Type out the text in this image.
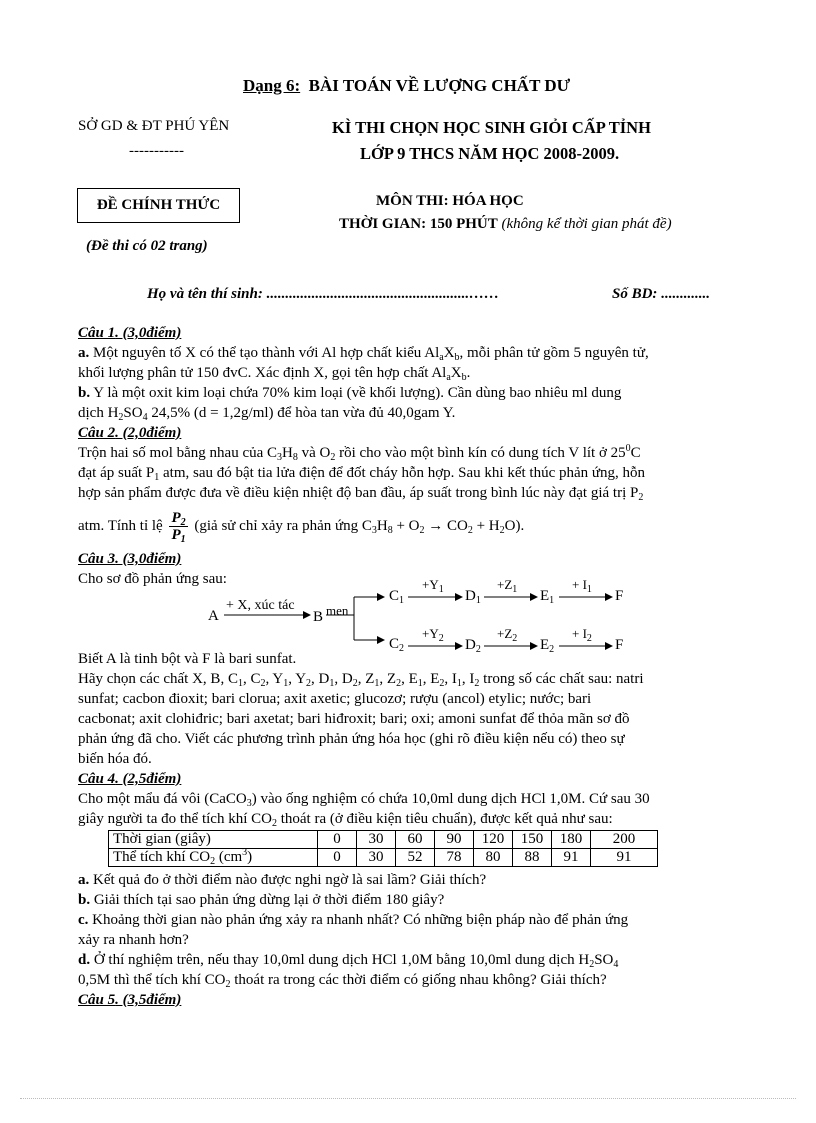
Dạng 6: BÀI TOÁN VỀ LƯỢNG CHẤT DƯ
SỞ GD & ĐT PHÚ YÊN
-----------
KÌ THI CHỌN HỌC SINH GIỎI CẤP TỈNH
LỚP 9 THCS NĂM HỌC 2008-2009.
ĐỀ CHÍNH THỨC
(Đề thi có 02 trang)
MÔN THI: HÓA HỌC
THỜI GIAN: 150 PHÚT (không kể thời gian phát đề)
Họ và tên thí sinh: ......................................................……	Số BD: .............
Câu 1. (3,0điểm)
a. Một nguyên tố X có thể tạo thành với Al hợp chất kiểu $Al_aX_b$, mỗi phân tử gồm 5 nguyên tử,
khối lượng phân tử 150 đvC. Xác định X, gọi tên hợp chất $Al_aX_b$.
b. Y là một oxit kim loại chứa 70% kim loại (về khối lượng). Cần dùng bao nhiêu ml dung
dịch $H_2SO_4$ 24,5% (d = 1,2g/ml) để hòa tan vừa đủ 40,0gam Y.
Câu 2. (2,0điểm)
Trộn hai số mol bằng nhau của $C_3H_8$ và $O_2$ rồi cho vào một bình kín có dung tích V lít ở $25^0C$
đạt áp suất $P_1$ atm, sau đó bật tia lửa điện để đốt cháy hỗn hợp. Sau khi kết thúc phản ứng, hỗn
hợp sản phẩm được đưa về điều kiện nhiệt độ ban đầu, áp suất trong bình lúc này đạt giá trị $P_2$
atm. Tính tỉ lệ $\frac{P_2}{P_1}$ (giả sử chỉ xảy ra phản ứng $C_3H_8 + O_2 \to CO_2 + H_2O$).
Câu 3. (3,0điểm)
Cho sơ đồ phản ứng sau:
A
+ X, xúc tác
B men
$C_1$	$D_1$	$E_1$	F
$+Y_1$	$+Z_1$	+ $I_1$
$C_2$	$D_2$	$E_2$	F
$+Y_2$	$+Z_2$	+ $I_2$
Biết A là tinh bột và F là bari sunfat.
Hãy chọn các chất X, B, $C_1$, $C_2$, $Y_1$, $Y_2$, $D_1$, $D_2$, $Z_1$, $Z_2$, $E_1$, $E_2$, $I_1$, $I_2$ trong số các chất sau: natri
sunfat; cacbon đioxit; bari clorua; axit axetic; glucozơ; rượu (ancol) etylic; nước; bari
cacbonat; axit clohiđric; bari axetat; bari hiđroxit; bari; oxi; amoni sunfat để thỏa mãn sơ đồ
phản ứng đã cho. Viết các phương trình phản ứng hóa học (ghi rõ điều kiện nếu có) theo sự
biến hóa đó.
Câu 4. (2,5điểm)
Cho một mẩu đá vôi (CaCO$_3$) vào ống nghiệm có chứa 10,0ml dung dịch HCl 1,0M. Cứ sau 30
giây người ta đo thể tích khí $CO_2$ thoát ra (ở điều kiện tiêu chuẩn), được kết quả như sau:
Thời gian (giây)	0	30	60	90	120	150	180	200
Thể tích khí $CO_2$ $(cm^3)$	0	30	52	78	80	88	91	91
a. Kết quả đo ở thời điểm nào được nghi ngờ là sai lầm? Giải thích?
b. Giải thích tại sao phản ứng dừng lại ở thời điểm 180 giây?
c. Khoảng thời gian nào phản ứng xảy ra nhanh nhất? Có những biện pháp nào để phản ứng
xảy ra nhanh hơn?
d. Ở thí nghiệm trên, nếu thay 10,0ml dung dịch HCl 1,0M bằng 10,0ml dung dịch $H_2SO_4$
0,5M thì thể tích khí $CO_2$ thoát ra trong các thời điểm có giống nhau không? Giải thích?
Câu 5. (3,5điểm)
